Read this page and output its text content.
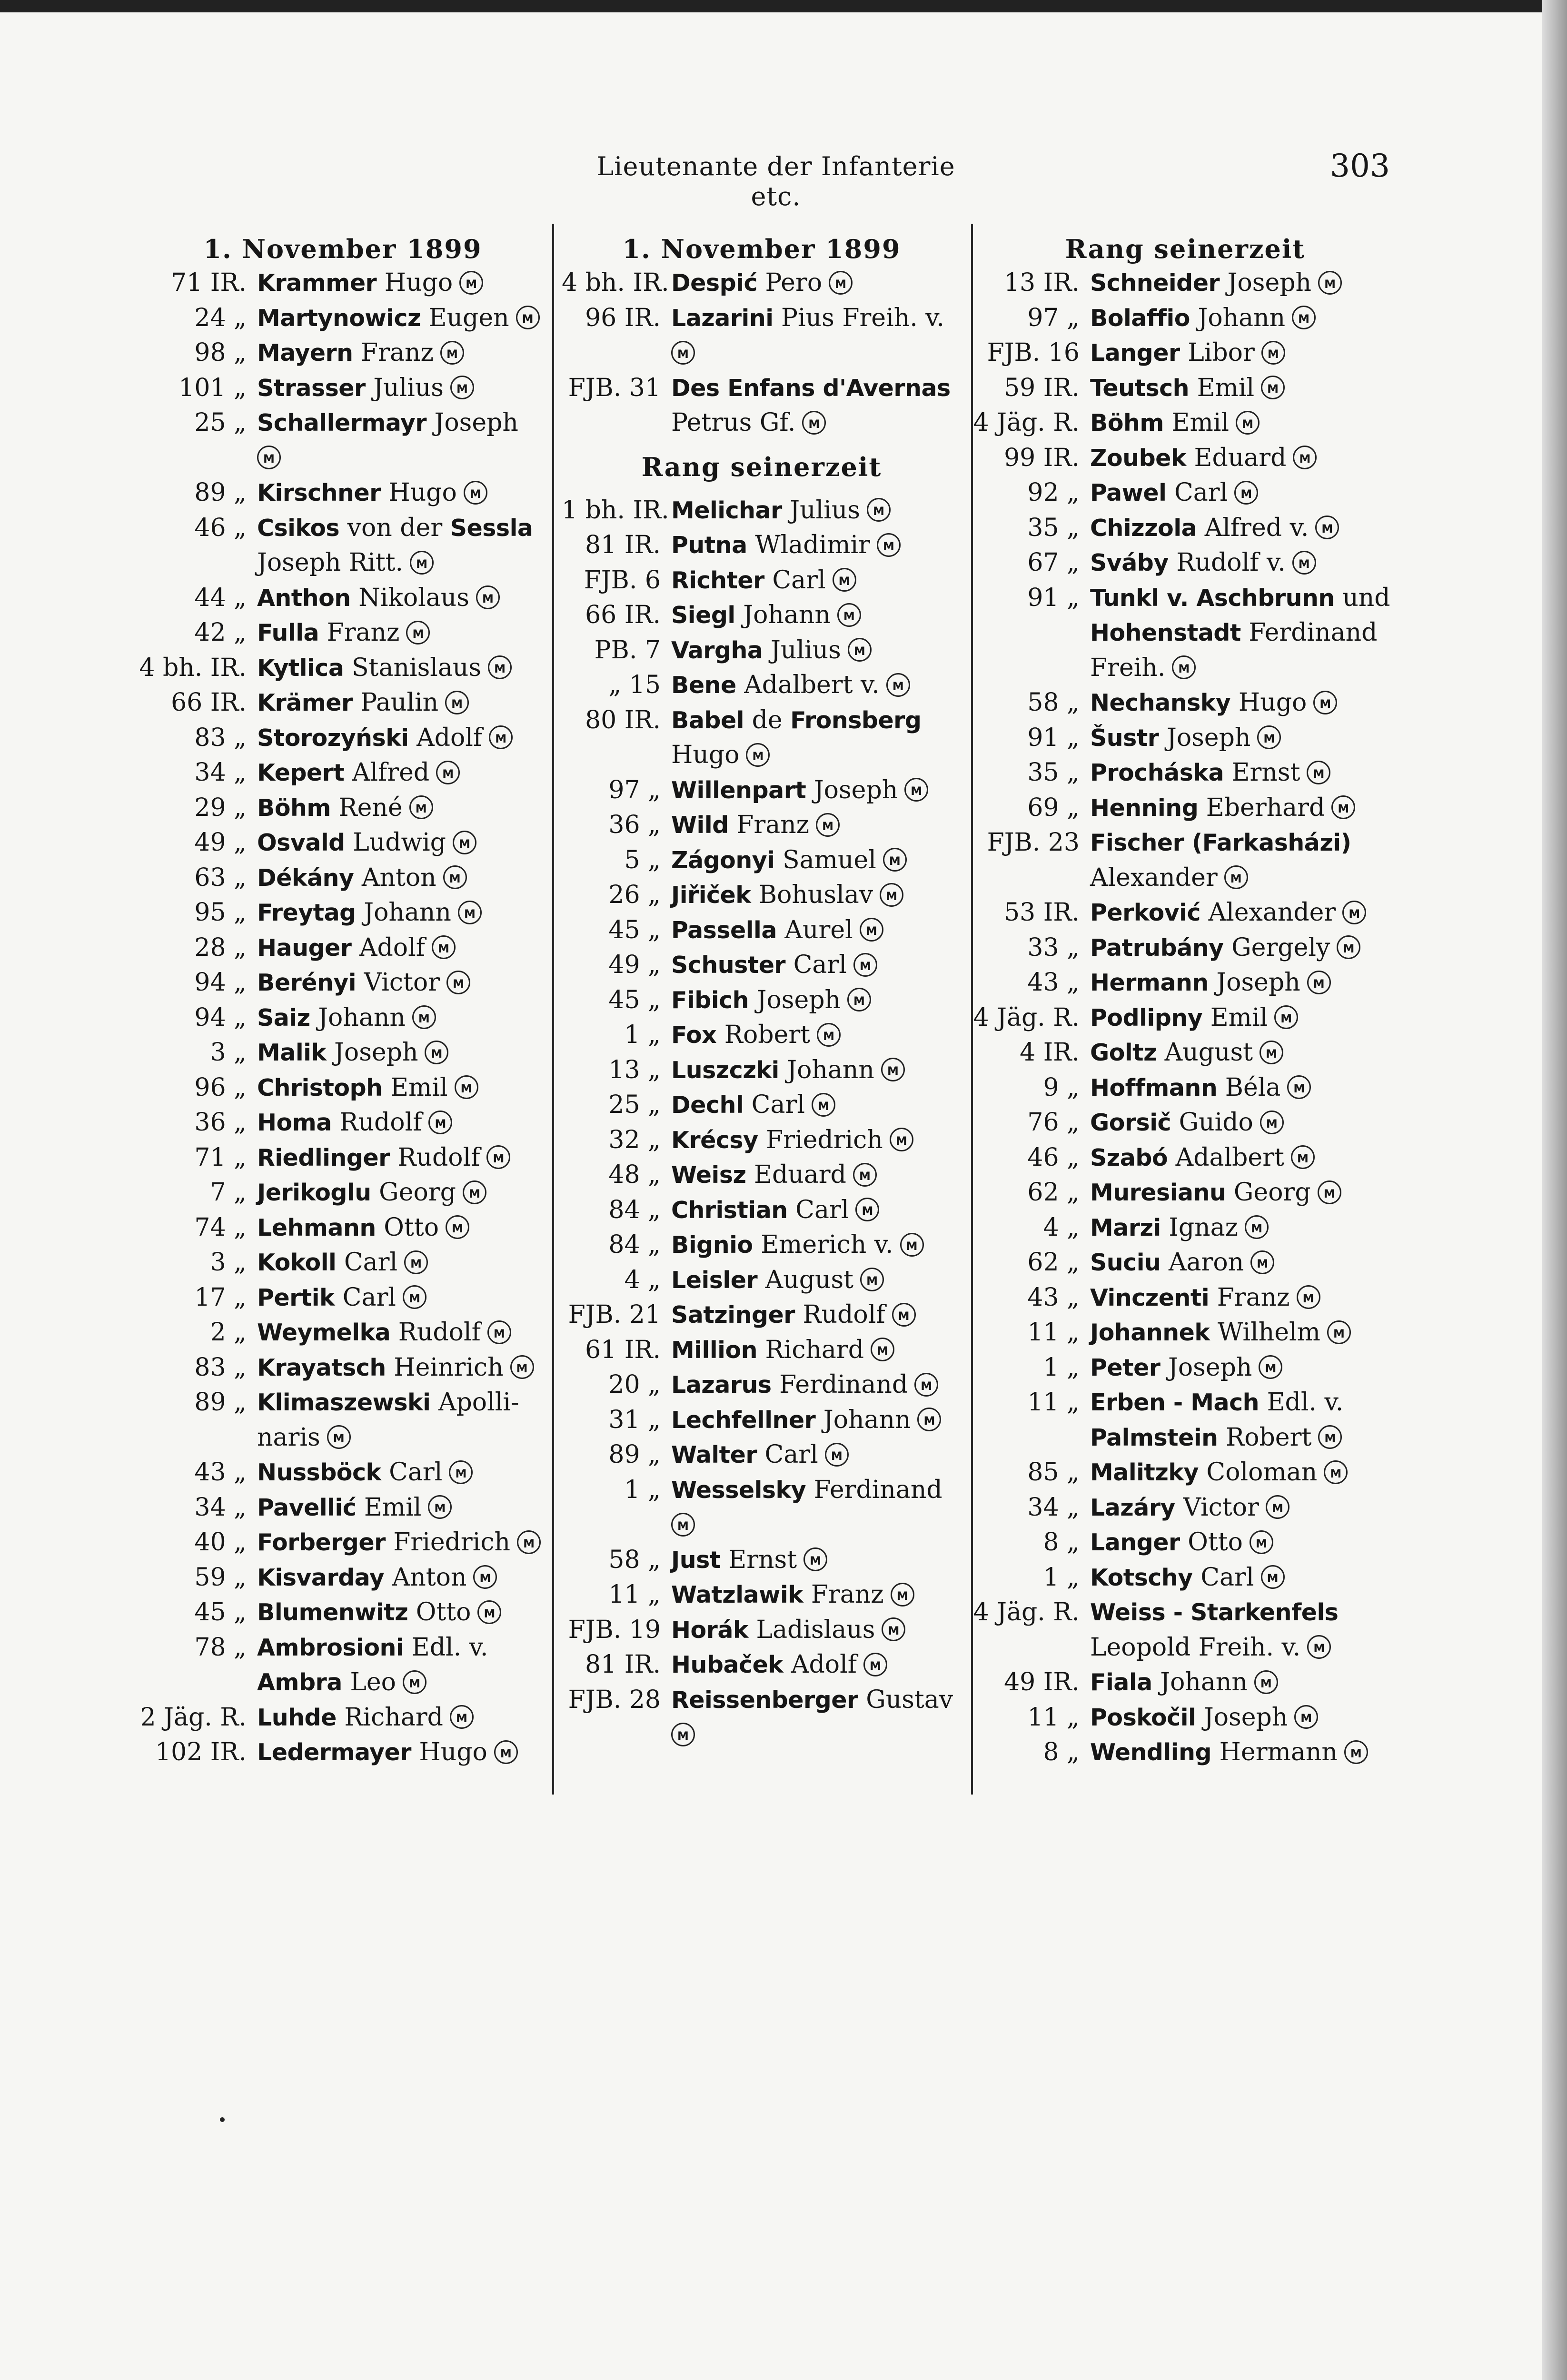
Lieutenante der Infanterie etc.
303
1. November 1899
71 IR. Krammer Hugo M
24 „ Martynowicz Eugen M
98 „ Mayern Franz M
101 „ Strasser Julius M
25 „ Schallermayr Joseph
M
89 „ Kirschner Hugo M
46 „ Csikos von der Sessla
Joseph Ritt. M
44 „ Anthon Nikolaus M
42 „ Fulla Franz M
4 bh. IR. Kytlica Stanislaus M
66 IR. Krämer Paulin M
83 „ Storozyński Adolf M
34 „ Kepert Alfred M
29 „ Böhm René M
49 „ Osvald Ludwig M
63 „ Dékány Anton M
95 „ Freytag Johann M
28 „ Hauger Adolf M
94 „ Berényi Victor M
94 „ Saiz Johann M
3 „ Malik Joseph M
96 „ Christoph Emil M
36 „ Homa Rudolf M
71 „ Riedlinger Rudolf M
7 „ Jerikoglu Georg M
74 „ Lehmann Otto M
3 „ Kokoll Carl M
17 „ Pertik Carl M
2 „ Weymelka Rudolf M
83 „ Krayatsch Heinrich M
89 „ Klimaszewski Apolli-
naris M
43 „ Nussböck Carl M
34 „ Pavellić Emil M
40 „ Forberger Friedrich M
59 „ Kisvarday Anton M
45 „ Blumenwitz Otto M
78 „ Ambrosioni Edl. v.
Ambra Leo M
2 Jäg. R. Luhde Richard M
102 IR. Ledermayer Hugo M
1. November 1899
4 bh. IR. Despić Pero M
96 IR. Lazarini Pius Freih. v.
M
FJB. 31 Des Enfans d'Avernas
Petrus Gf. M
Rang seinerzeit
1 bh. IR. Melichar Julius M
81 IR. Putna Wladimir M
FJB. 6 Richter Carl M
66 IR. Siegl Johann M
PB. 7 Vargha Julius M
„ 15 Bene Adalbert v. M
80 IR. Babel de Fronsberg
Hugo M
97 „ Willenpart Joseph M
36 „ Wild Franz M
5 „ Zágonyi Samuel M
26 „ Jiřiček Bohuslav M
45 „ Passella Aurel M
49 „ Schuster Carl M
45 „ Fibich Joseph M
1 „ Fox Robert M
13 „ Luszczki Johann M
25 „ Dechl Carl M
32 „ Krécsy Friedrich M
48 „ Weisz Eduard M
84 „ Christian Carl M
84 „ Bignio Emerich v. M
4 „ Leisler August M
FJB. 21 Satzinger Rudolf M
61 IR. Million Richard M
20 „ Lazarus Ferdinand M
31 „ Lechfellner Johann M
89 „ Walter Carl M
1 „ Wesselsky Ferdinand
M
58 „ Just Ernst M
11 „ Watzlawik Franz M
FJB. 19 Horák Ladislaus M
81 IR. Hubaček Adolf M
FJB. 28 Reissenberger Gustav
M
Rang seinerzeit
13 IR. Schneider Joseph M
97 „ Bolaffio Johann M
FJB. 16 Langer Libor M
59 IR. Teutsch Emil M
4 Jäg. R. Böhm Emil M
99 IR. Zoubek Eduard M
92 „ Pawel Carl M
35 „ Chizzola Alfred v. M
67 „ Sváby Rudolf v. M
91 „ Tunkl v. Aschbrunn und
Hohenstadt Ferdinand
Freih. M
58 „ Nechansky Hugo M
91 „ Šustr Joseph M
35 „ Procháska Ernst M
69 „ Henning Eberhard M
FJB. 23 Fischer (Farkasházi)
Alexander M
53 IR. Perković Alexander M
33 „ Patrubány Gergely M
43 „ Hermann Joseph M
4 Jäg. R. Podlipny Emil M
4 IR. Goltz August M
9 „ Hoffmann Béla M
76 „ Gorsič Guido M
46 „ Szabó Adalbert M
62 „ Muresianu Georg M
4 „ Marzi Ignaz M
62 „ Suciu Aaron M
43 „ Vinczenti Franz M
11 „ Johannek Wilhelm M
1 „ Peter Joseph M
11 „ Erben - Mach Edl. v.
Palmstein Robert M
85 „ Malitzky Coloman M
34 „ Lazáry Victor M
8 „ Langer Otto M
1 „ Kotschy Carl M
4 Jäg. R. Weiss - Starkenfels
Leopold Freih. v. M
49 IR. Fiala Johann M
11 „ Poskočil Joseph M
8 „ Wendling Hermann M
